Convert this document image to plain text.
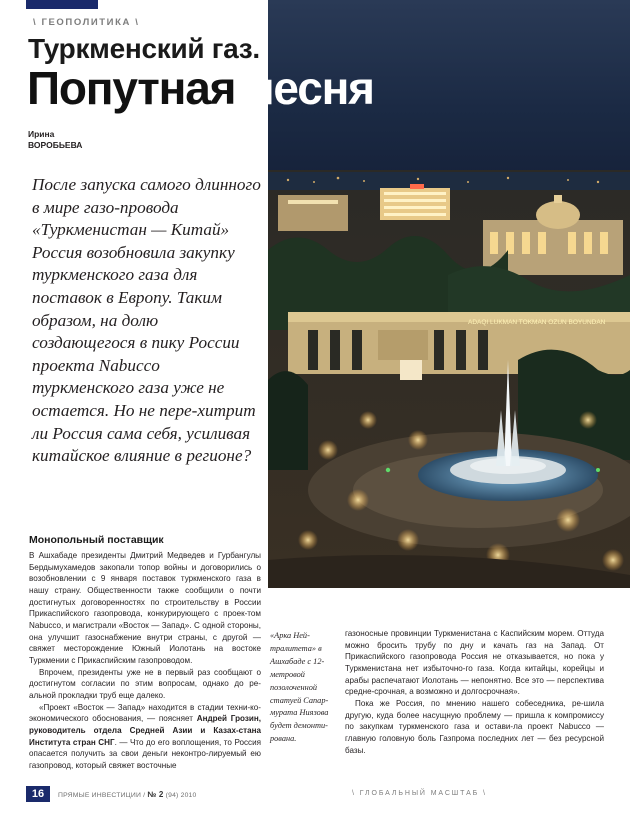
\ ГЕОПОЛИТИКА \
ADAQI LUKMAN TOKMAN OZUN BOYUNDAN
Туркменский газ.
Попутная песня
Ирина
ВОРОБЬЕВА
После запуска самого длинного в мире газо-провода «Туркменистан — Китай» Россия возобновила закупку туркменского газа для поставок в Европу. Таким образом, на долю создающегося в пику России проекта Nabucco туркменского газа уже не остается. Но не пере-хитрит ли Россия сама себя, усиливая китайское влияние в регионе?
Монопольный поставщик

В Ашхабаде президенты Дмитрий Медведев и Гурбангулы Бердымухамедов закопали топор войны и договорились о возобновлении с 9 января поставок туркменского газа в нашу страну. Общественности также сообщили о почти достигнутых договоренностях по строительству в России Прикаспийского газопровода, конкурирующего с проек-том Nabucco, и магистрали «Восток — Запад». С одной стороны, она улучшит газоснабжение внутри страны, с другой — свяжет месторождение Южный Иолотань на востоке Туркмении с Прикаспийским газопроводом.

Впрочем, президенты уже не в первый раз сообщают о достигнутом согласии по этим вопросам, однако до ре-альной прокладки труб еще далеко.

«Проект «Восток — Запад» находится в стадии техни-ко-экономического обоснования, — поясняет Андрей Грозин, руководитель отдела Средней Азии и Казах-стана Института стран СНГ. — Что до его воплощения, то Россия опасается получить за свои деньги неконтро-лируемый ею газопровод, который свяжет восточные

«Арка Ней-тралитета» в Ашхабаде с 12-метровой позолоченной статуей Сапар-мурата Ниязова будет демонти-рована.

газоносные провинции Туркменистана с Каспийским морем. Оттуда можно бросить трубу по дну и качать газ на Запад. От Прикаспийского газопровода Россия не отказывается, но пока у Туркменистана нет избыточно-го газа. Когда китайцы, корейцы и арабы распечатают Иолотань — непонятно. Все это — перспектива средне-срочная, а возможно и долгосрочная».

Пока же Россия, по мнению нашего собеседника, ре-шила другую, куда более насущную проблему — пришла к компромиссу по закупкам туркменского газа и остави-ла проект Nabucco — главную головную боль Газпрома последних лет — без ресурсной базы.

16	ПРЯМЫЕ ИНВЕСТИЦИИ / № 2 (94) 2010	\ ГЛОБАЛЬНЫЙ МАСШТАБ \
